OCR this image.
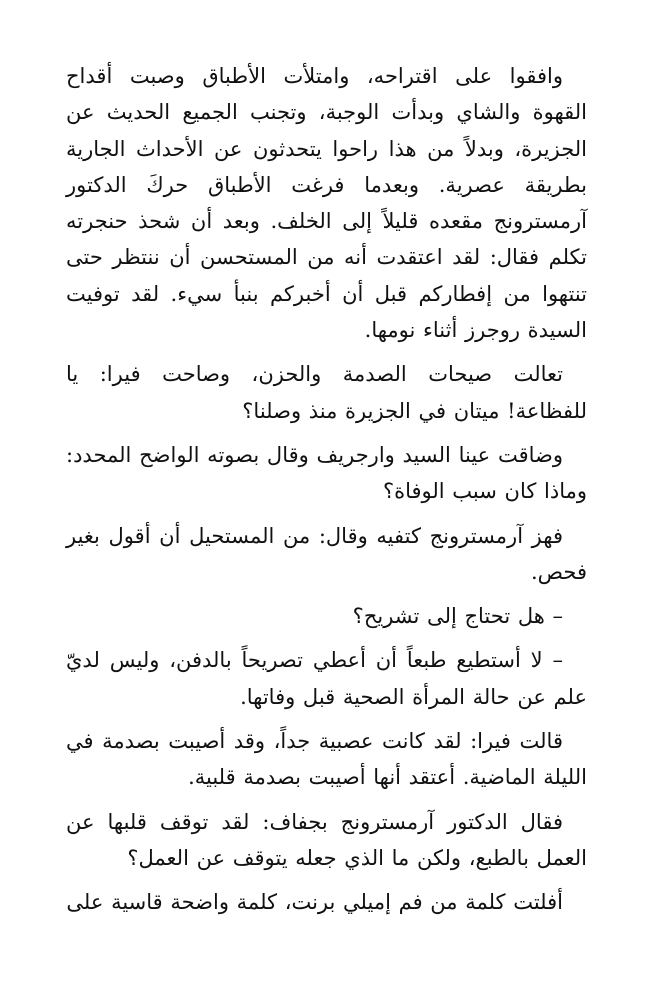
وافقوا على اقتراحه، وامتلأت الأطباق وصبت أقداح القهوة والشاي وبدأت الوجبة، وتجنب الجميع الحديث عن الجزيرة، وبدلاً من هذا راحوا يتحدثون عن الأحداث الجارية بطريقة عصرية. وبعدما فرغت الأطباق حركَ الدكتور آرمسترونج مقعده قليلاً إلى الخلف. وبعد أن شحذ حنجرته تكلم فقال: لقد اعتقدت أنه من المستحسن أن ننتظر حتى تنتهوا من إفطاركم قبل أن أخبركم بنبأ سيء. لقد توفيت السيدة روجرز أثناء نومها.

تعالت صيحات الصدمة والحزن، وصاحت فيرا: يا للفظاعة! ميتان في الجزيرة منذ وصلنا؟

وضاقت عينا السيد وارجريف وقال بصوته الواضح المحدد: وماذا كان سبب الوفاة؟

فهز آرمسترونج كتفيه وقال: من المستحيل أن أقول بغير فحص.

– هل تحتاج إلى تشريح؟

– لا أستطيع طبعاً أن أعطي تصريحاً بالدفن، وليس لديّ علم عن حالة المرأة الصحية قبل وفاتها.

قالت فيرا: لقد كانت عصبية جداً، وقد أصيبت بصدمة في الليلة الماضية. أعتقد أنها أصيبت بصدمة قلبية.

فقال الدكتور آرمسترونج بجفاف: لقد توقف قلبها عن العمل بالطبع، ولكن ما الذي جعله يتوقف عن العمل؟

أفلتت كلمة من فم إميلي برنت، كلمة واضحة قاسية على
